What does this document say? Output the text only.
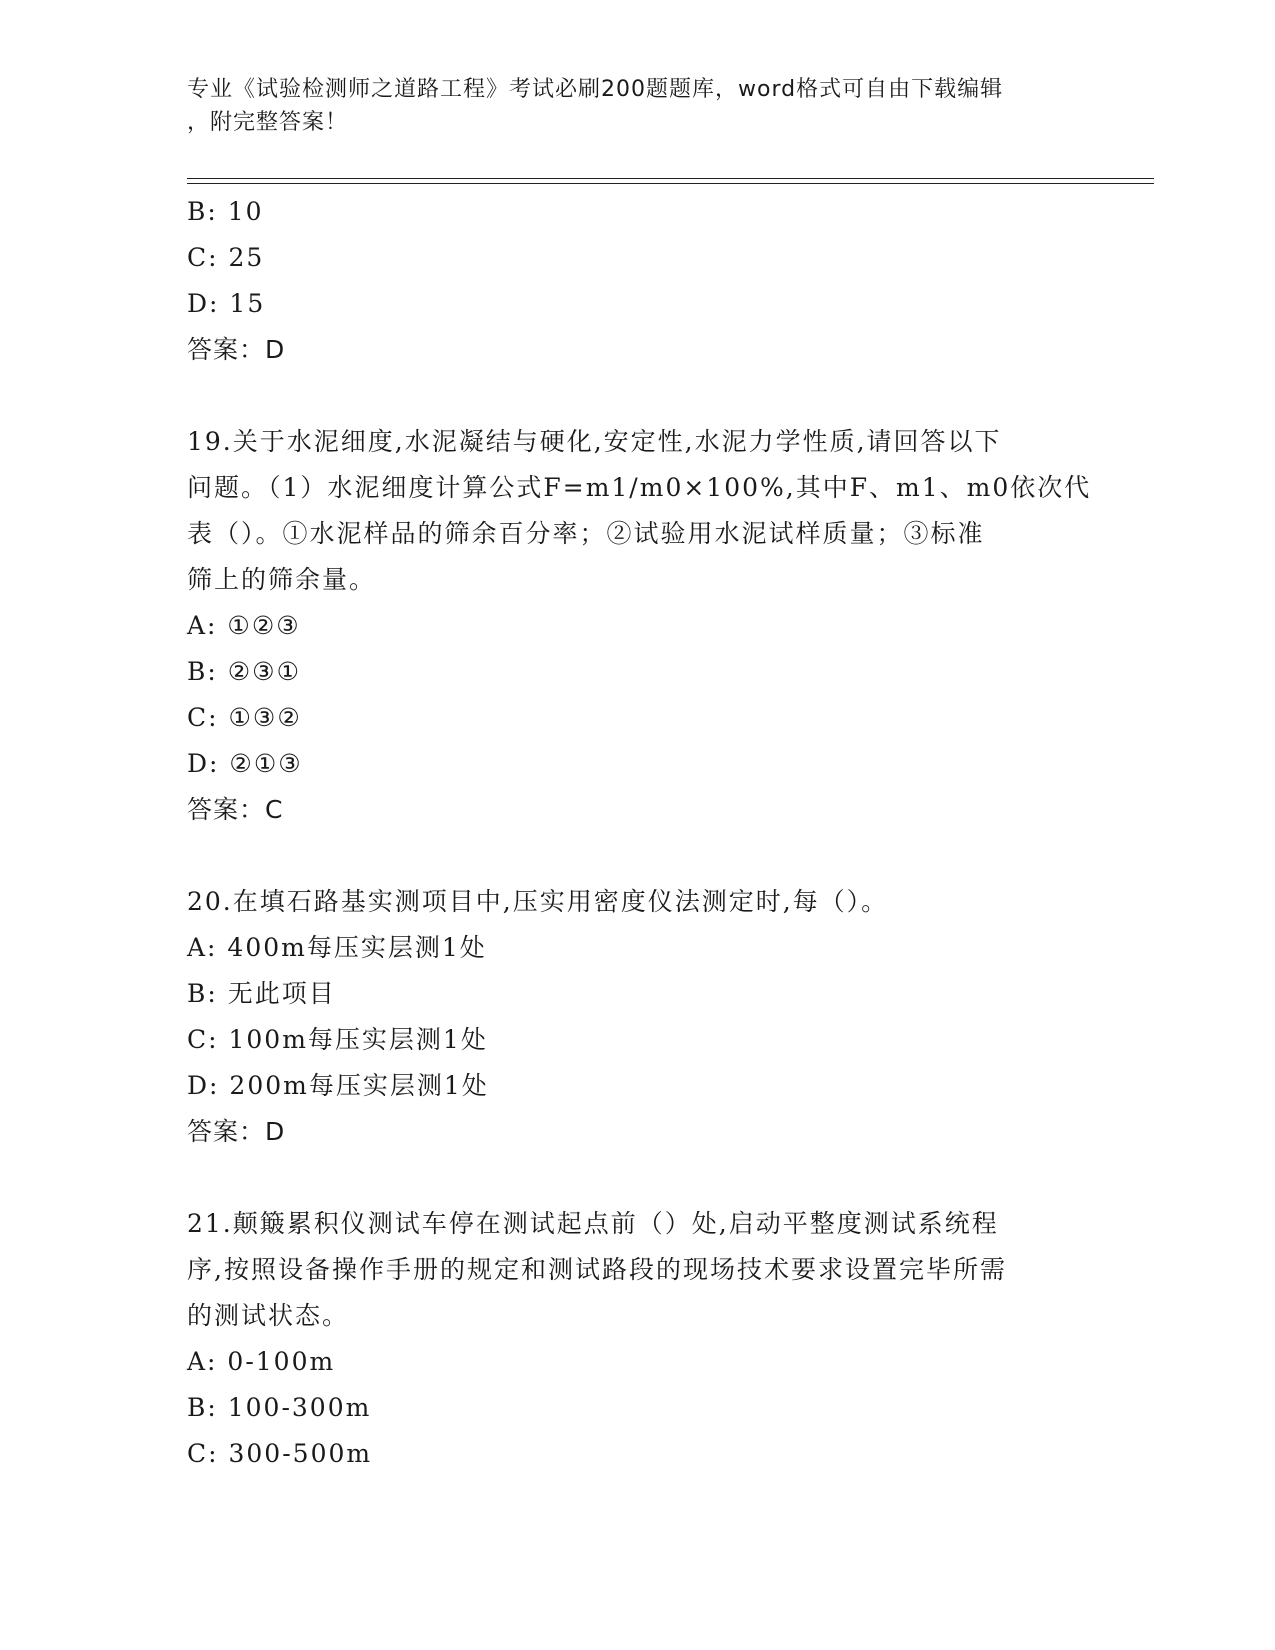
专业《试验检测师之道路工程》考试必刷200题题库，word格式可自由下载编辑
，附完整答案！

B: 10

C: 25

D: 15

答案：D

19.关于水泥细度,水泥凝结与硬化,安定性,水泥力学性质,请回答以下

问题。（1）水泥细度计算公式F=m1/m0×100%,其中F、m1、m0依次代

表（）。①水泥样品的筛余百分率；②试验用水泥试样质量；③标准

筛上的筛余量。

A: ①②③

B: ②③①

C: ①③②

D: ②①③

答案：C

20.在填石路基实测项目中,压实用密度仪法测定时,每（）。

A: 400m每压实层测1处

B: 无此项目

C: 100m每压实层测1处

D: 200m每压实层测1处

答案：D

21.颠簸累积仪测试车停在测试起点前（）处,启动平整度测试系统程

序,按照设备操作手册的规定和测试路段的现场技术要求设置完毕所需

的测试状态。

A: 0-100m

B: 100-300m

C: 300-500m
